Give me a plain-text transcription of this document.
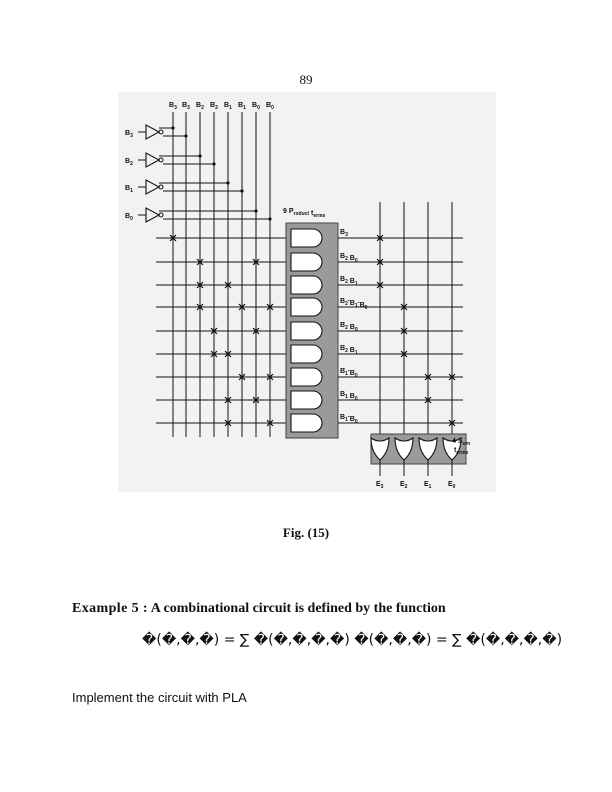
89
$B_3$ $B_3$ $B_2$ $B_2$ $B_1$ $B_1$ $B_0$ $B_0$
$B_3$
$B_2$
$B_1$
$B_0$
9 $P_{roduct}$ $t_{erms}$
$B_3$
$B_2$ $B_0$
$B_2$ $B_1$
$B_2$ $B_1$ $B_0$
$B_2$ $B_0$
$B_2$ $B_1$
$B_1$ $B_0$
$B_1$ $B_0$
$B_1$ $B_0$
4 $S_{um}$
$t_{erms}$
$E_3$ $E_2$ $E_1$ $E_0$
Fig. (15)
Example 5 : A combinational circuit is defined by the function
�(�,�,�) = ∑ �(�,�,�,�) �(�,�,�) = ∑ �(�,�,�,�)
Implement the circuit with PLA
